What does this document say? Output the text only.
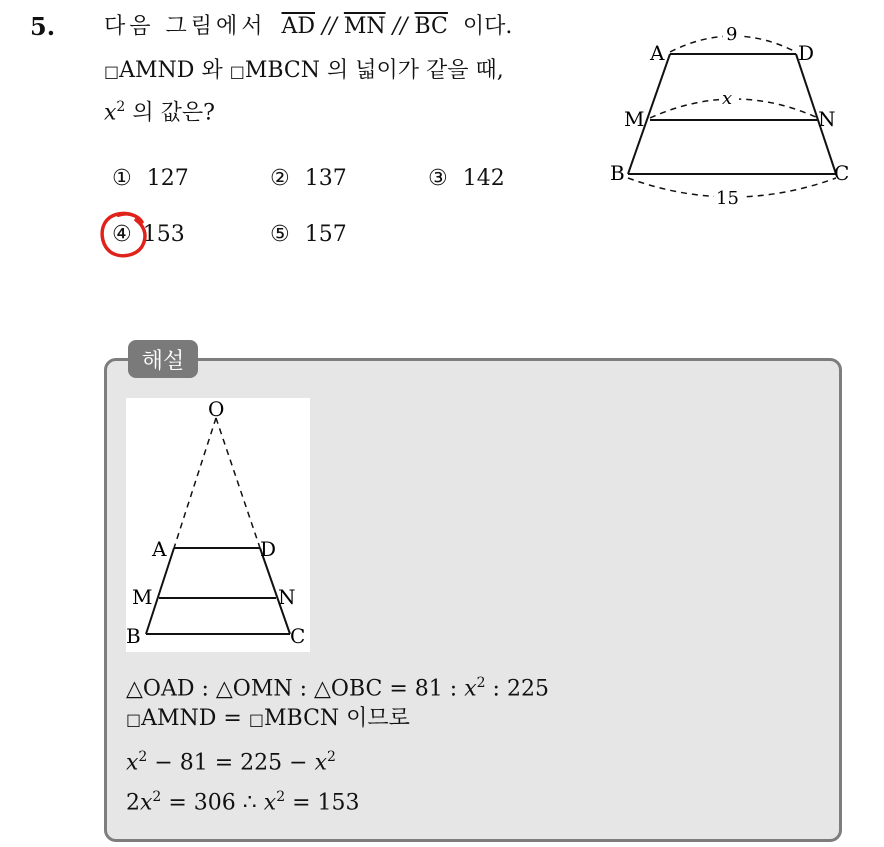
5. 다음 그림에서 $\overline{AD} // \overline{MN} // \overline{BC}$ 이다.
□AMND 와 □MBCN 의 넓이가 같을 때,
$x^2$ 의 값은?
① 127	② 137	③ 142
④ 153	⑤ 157
A	D
M	N
B	C
9
x
15
해설
O
A	D
M	N
B	C
△OAD : △OMN : △OBC = 81 : $x^2$ : 225
□AMND = □MBCN 이므로
$x^2 - 81 = 225 - x^2$
$2x^2 = 306$ ∴ $x^2 = 153$
